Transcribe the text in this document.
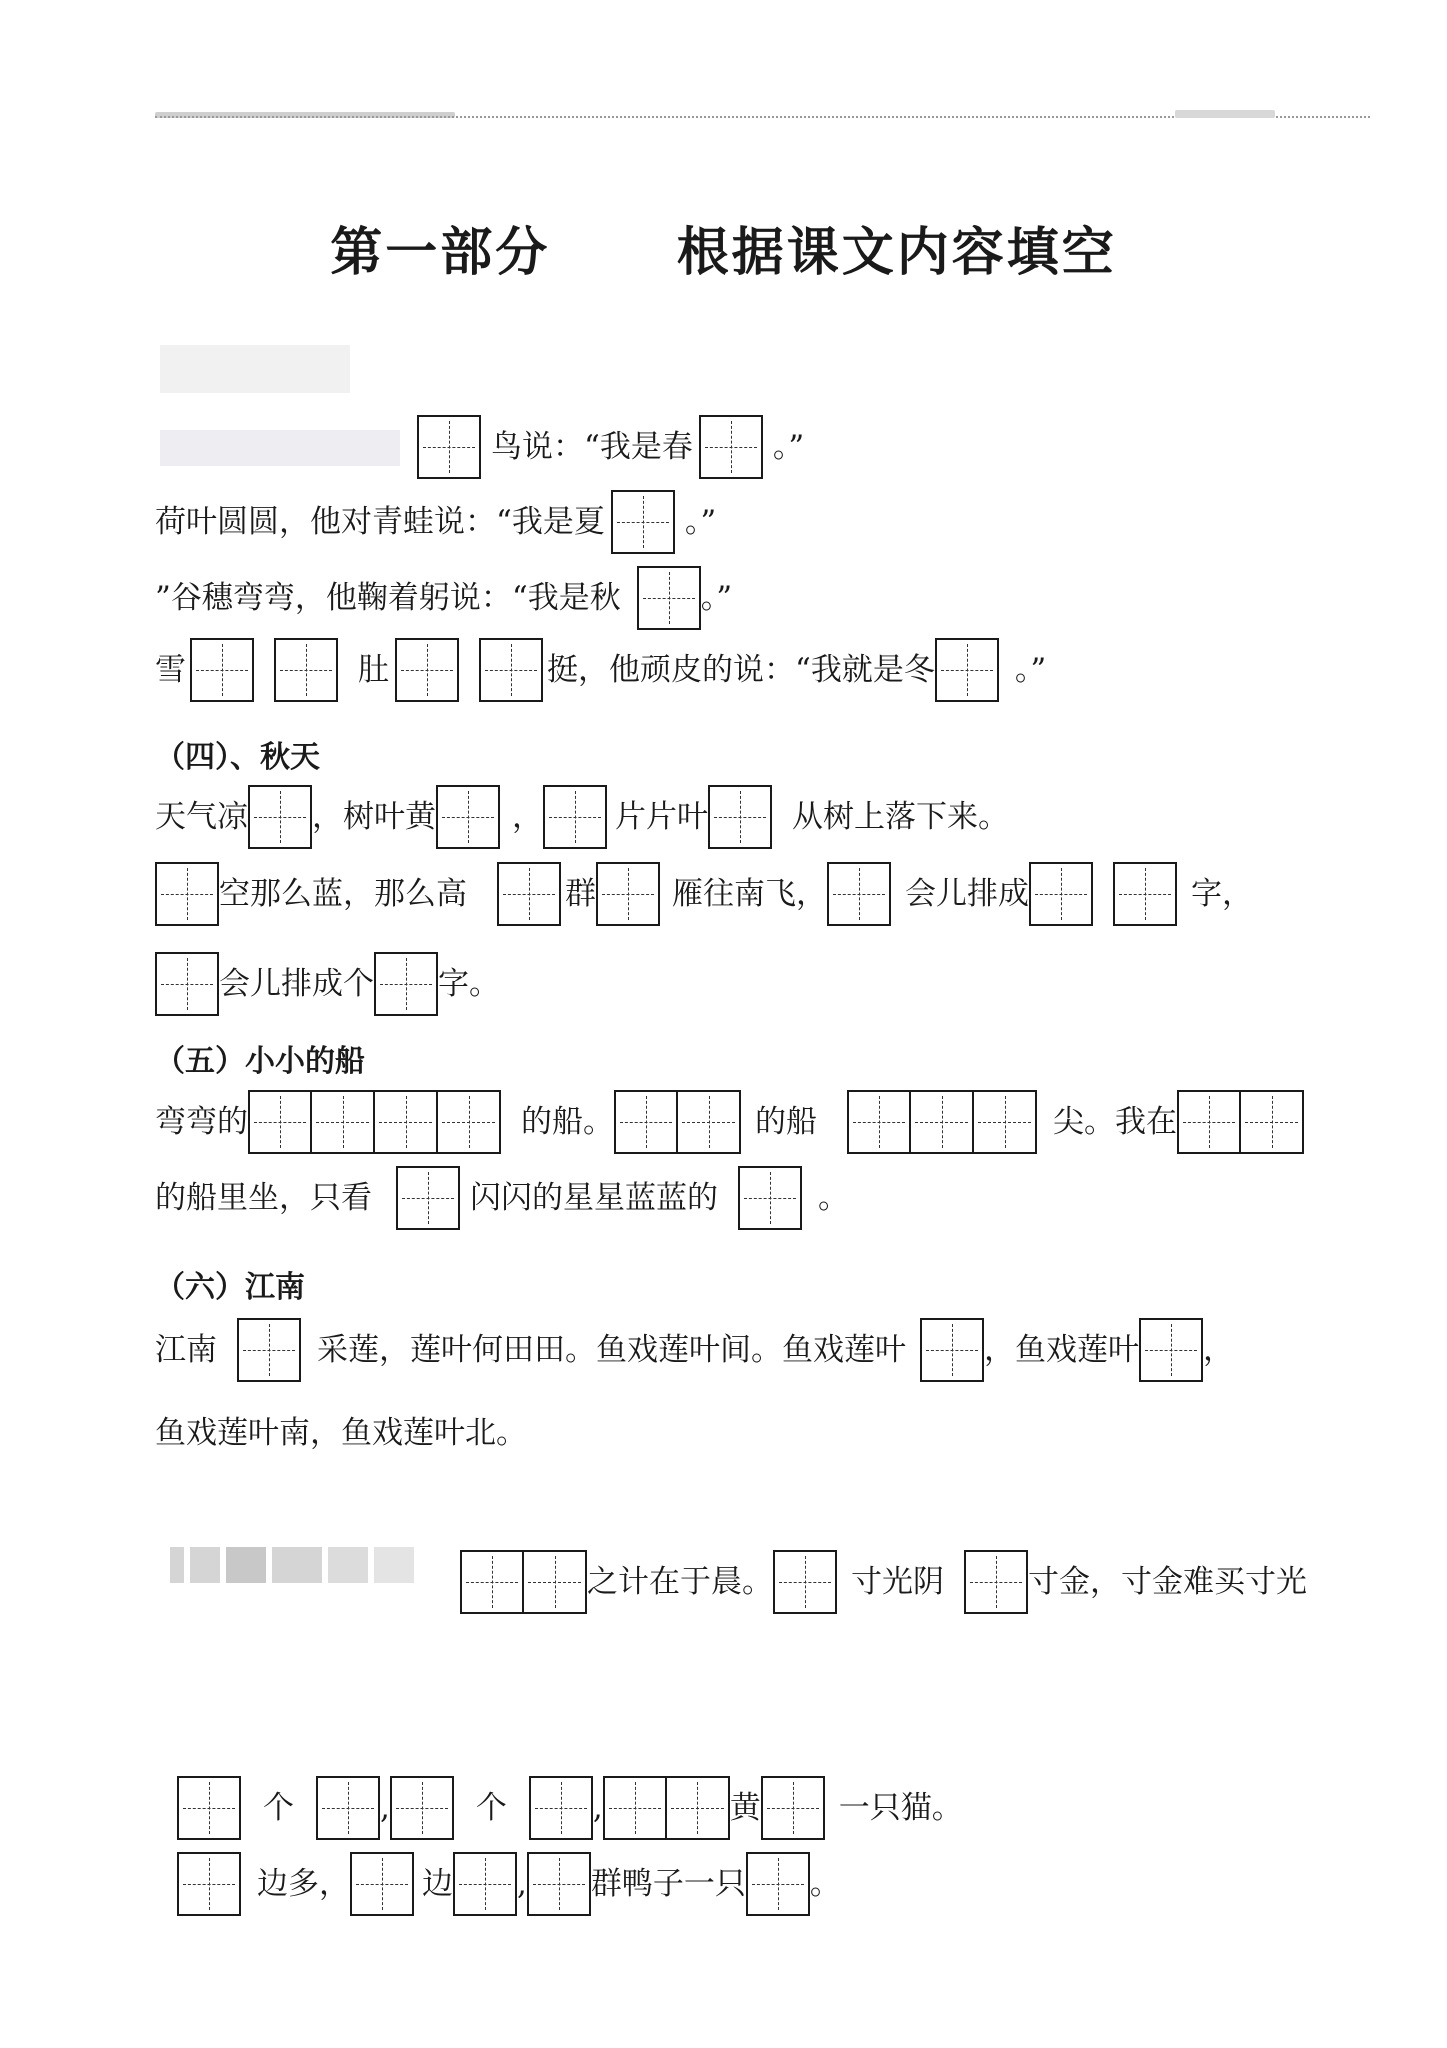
第一部分      根据课文内容填空
鸟说：“我是春	。”
荷叶圆圆，他对青蛙说：“我是夏	。”
”谷穗弯弯，他鞠着躬说：“我是秋	。”
雪	肚	挺，他顽皮的说：“我就是冬	。”
（四）、秋天
天气凉 ，树叶黄 ， 片片叶	从树上落下来。
空那么蓝，那么高	群 雁往南飞，	会儿排成	字，
会儿排成个 字。
（五）小小的船
弯弯的	的船。	的船	尖。我在
的船里坐，只看	闪闪的星星蓝蓝的	。
（六）江南
江南	采莲，莲叶何田田。鱼戏莲叶间。鱼戏莲叶	，鱼戏莲叶 ，
鱼戏莲叶南，鱼戏莲叶北。
之计在于晨。	寸光阴	寸金，寸金难买寸光
个	,	个	,	黄	一只猫。
边多， 边 , 群鸭子一只 。
